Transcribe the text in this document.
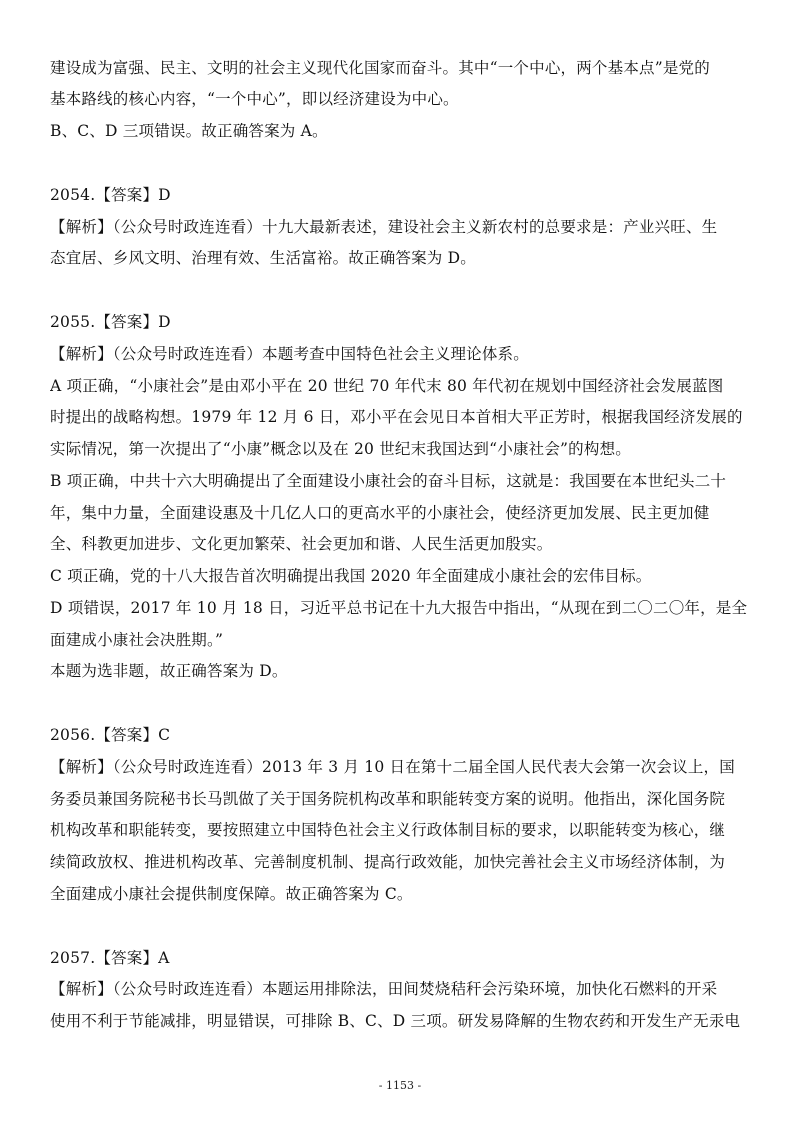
建设成为富强、民主、文明的社会主义现代化国家而奋斗。其中“一个中心，两个基本点”是党的
基本路线的核心内容，“一个中心”，即以经济建设为中心。
B、C、D 三项错误。故正确答案为 A。
2054.【答案】D
【解析】（公众号时政连连看）十九大最新表述，建设社会主义新农村的总要求是：产业兴旺、生
态宜居、乡风文明、治理有效、生活富裕。故正确答案为 D。
2055.【答案】D
【解析】（公众号时政连连看）本题考查中国特色社会主义理论体系。
A 项正确，“小康社会”是由邓小平在 20 世纪 70 年代末 80 年代初在规划中国经济社会发展蓝图
时提出的战略构想。1979 年 12 月 6 日，邓小平在会见日本首相大平正芳时，根据我国经济发展的
实际情况，第一次提出了“小康”概念以及在 20 世纪末我国达到“小康社会”的构想。
B 项正确，中共十六大明确提出了全面建设小康社会的奋斗目标，这就是：我国要在本世纪头二十
年，集中力量，全面建设惠及十几亿人口的更高水平的小康社会，使经济更加发展、民主更加健
全、科教更加进步、文化更加繁荣、社会更加和谐、人民生活更加殷实。
C 项正确，党的十八大报告首次明确提出我国 2020 年全面建成小康社会的宏伟目标。
D 项错误，2017 年 10 月 18 日，习近平总书记在十九大报告中指出，“从现在到二〇二〇年，是全
面建成小康社会决胜期。”
本题为选非题，故正确答案为 D。
2056.【答案】C
【解析】（公众号时政连连看）2013 年 3 月 10 日在第十二届全国人民代表大会第一次会议上，国
务委员兼国务院秘书长马凯做了关于国务院机构改革和职能转变方案的说明。他指出，深化国务院
机构改革和职能转变，要按照建立中国特色社会主义行政体制目标的要求，以职能转变为核心，继
续简政放权、推进机构改革、完善制度机制、提高行政效能，加快完善社会主义市场经济体制，为
全面建成小康社会提供制度保障。故正确答案为 C。
2057.【答案】A
【解析】（公众号时政连连看）本题运用排除法，田间焚烧秸秆会污染环境，加快化石燃料的开采
使用不利于节能减排，明显错误，可排除 B、C、D 三项。研发易降解的生物农药和开发生产无汞电
- 1153 -
